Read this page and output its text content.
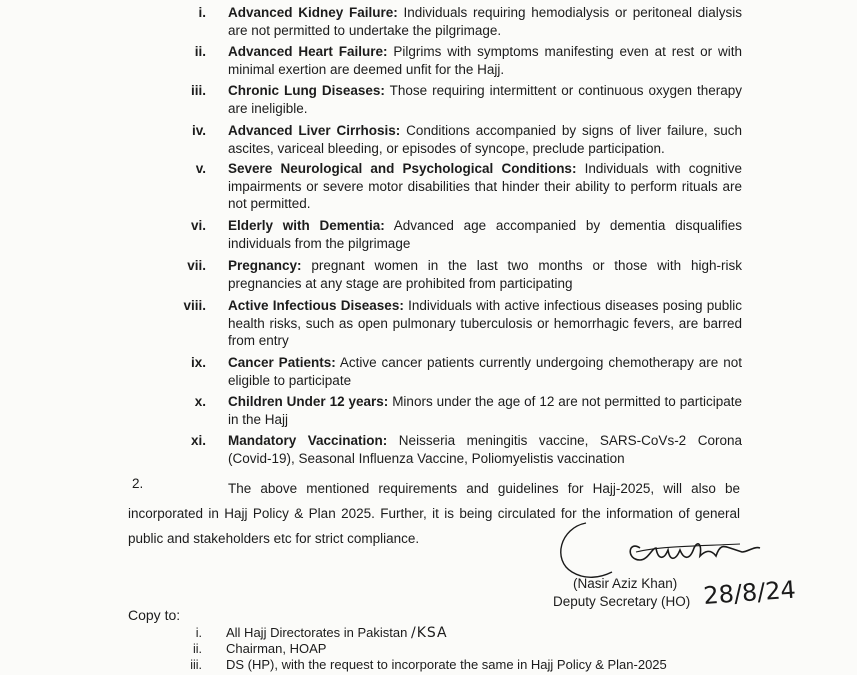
i. Advanced Kidney Failure: Individuals requiring hemodialysis or peritoneal dialysis are not permitted to undertake the pilgrimage.
ii. Advanced Heart Failure: Pilgrims with symptoms manifesting even at rest or with minimal exertion are deemed unfit for the Hajj.
iii. Chronic Lung Diseases: Those requiring intermittent or continuous oxygen therapy are ineligible.
iv. Advanced Liver Cirrhosis: Conditions accompanied by signs of liver failure, such ascites, variceal bleeding, or episodes of syncope, preclude participation.
v. Severe Neurological and Psychological Conditions: Individuals with cognitive impairments or severe motor disabilities that hinder their ability to perform rituals are not permitted.
vi. Elderly with Dementia: Advanced age accompanied by dementia disqualifies individuals from the pilgrimage
vii. Pregnancy: pregnant women in the last two months or those with high-risk pregnancies at any stage are prohibited from participating
viii. Active Infectious Diseases: Individuals with active infectious diseases posing public health risks, such as open pulmonary tuberculosis or hemorrhagic fevers, are barred from entry
ix. Cancer Patients: Active cancer patients currently undergoing chemotherapy are not eligible to participate
x. Children Under 12 years: Minors under the age of 12 are not permitted to participate in the Hajj
xi. Mandatory Vaccination: Neisseria meningitis vaccine, SARS-CoVs-2 Corona (Covid-19), Seasonal Influenza Vaccine, Poliomyelistis vaccination
2.	The above mentioned requirements and guidelines for Hajj-2025, will also be incorporated in Hajj Policy & Plan 2025. Further, it is being circulated for the information of general public and stakeholders etc for strict compliance.
28/8/24
(Nasir Aziz Khan)
Deputy Secretary (HO)
Copy to:
i. All Hajj Directorates in Pakistan /KSA
ii. Chairman, HOAP
iii. DS (HP), with the request to incorporate the same in Hajj Policy & Plan-2025
